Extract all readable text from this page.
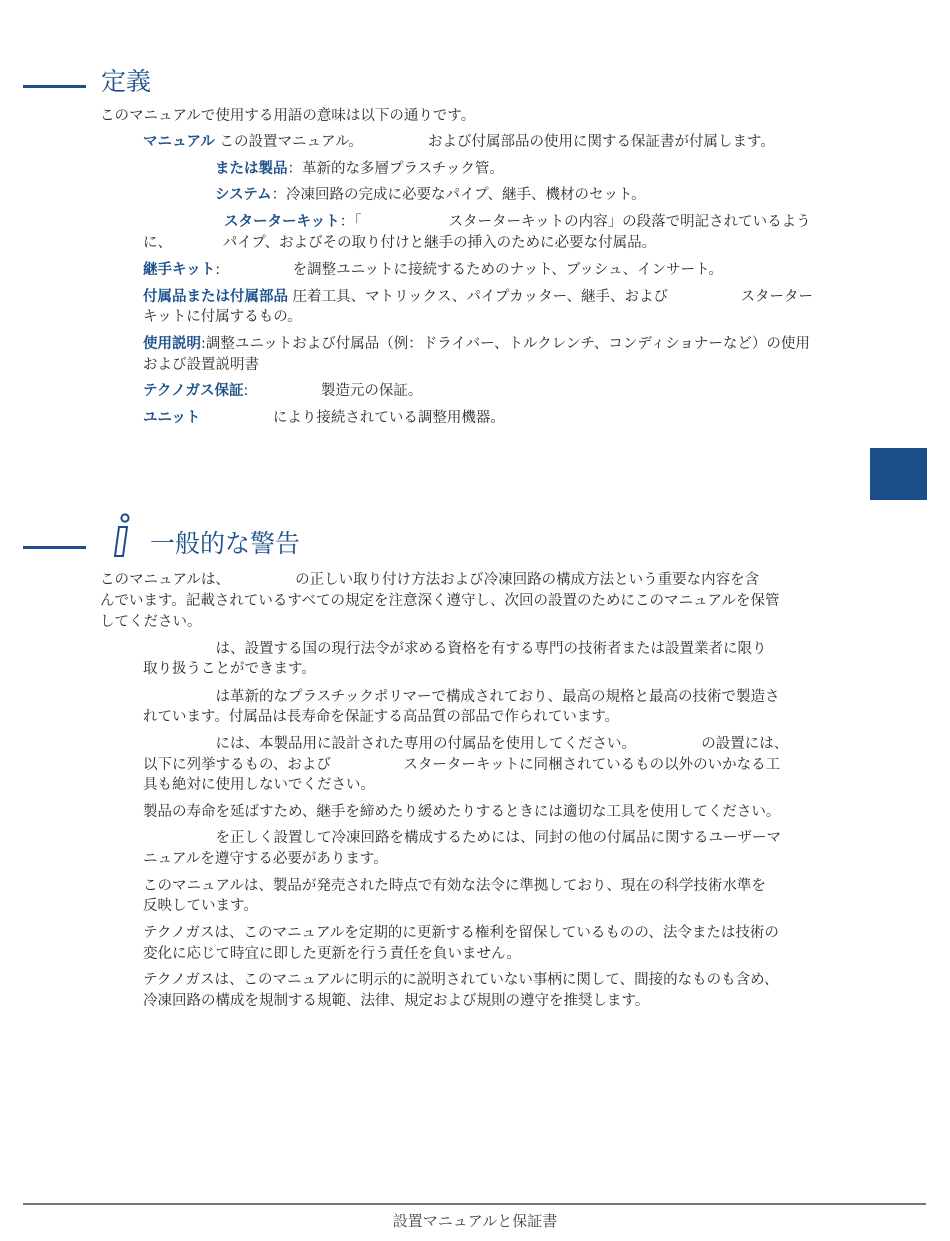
定義

このマニュアルで使用する用語の意味は以下の通りです。

マニュアル この設置マニュアル。　　　　　および付属部品の使用に関する保証書が付属します。

または製品：革新的な多層プラスチック管。

システム：冷凍回路の完成に必要なパイプ、継手、機材のセット。

スターターキット：「　　　　　　スターターキットの内容」の段落で明記されているよう

に、　　　　パイプ、およびその取り付けと継手の挿入のために必要な付属品。

継手キット:　　　　　を調整ユニットに接続するためのナット、ブッシュ、インサート。

付属品または付属部品 圧着工具、マトリックス、パイプカッター、継手、および　　　　　スターター

キットに付属するもの。

使用説明:調整ユニットおよび付属品（例：ドライバー、トルクレンチ、コンディショナーなど）の使用

および設置説明書

テクノガス保証:　　　　　製造元の保証。

ユニット　　　　　により接続されている調整用機器。

一般的な警告

このマニュアルは、　　　　　の正しい取り付け方法および冷凍回路の構成方法という重要な内容を含

んでいます。記載されているすべての規定を注意深く遵守し、次回の設置のためにこのマニュアルを保管

してください。

　　　　　は、設置する国の現行法令が求める資格を有する専門の技術者または設置業者に限り

取り扱うことができます。

　　　　　は革新的なプラスチックポリマーで構成されており、最高の規格と最高の技術で製造さ

れています。付属品は長寿命を保証する高品質の部品で作られています。

　　　　　には、本製品用に設計された専用の付属品を使用してください。　　　　　の設置には、

以下に列挙するもの、および　　　　　スターターキットに同梱されているもの以外のいかなる工

具も絶対に使用しないでください。

製品の寿命を延ばすため、継手を締めたり緩めたりするときには適切な工具を使用してください。

　　　　　を正しく設置して冷凍回路を構成するためには、同封の他の付属品に関するユーザーマ

ニュアルを遵守する必要があります。

このマニュアルは、製品が発売された時点で有効な法令に準拠しており、現在の科学技術水準を

反映しています。

テクノガスは、このマニュアルを定期的に更新する権利を留保しているものの、法令または技術の

変化に応じて時宜に即した更新を行う責任を負いません。

テクノガスは、このマニュアルに明示的に説明されていない事柄に関して、間接的なものも含め、

冷凍回路の構成を規制する規範、法律、規定および規則の遵守を推奨します。

設置マニュアルと保証書
